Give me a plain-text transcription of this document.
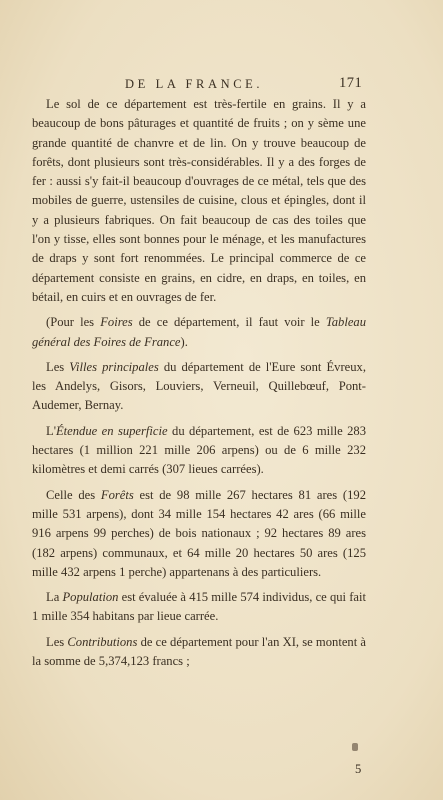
DE LA FRANCE.	171

Le sol de ce département est très-fertile en grains. Il y a beaucoup de bons pâturages et quantité de fruits ; on y sème une grande quantité de chanvre et de lin. On y trouve beaucoup de forêts, dont plusieurs sont très-considérables. Il y a des forges de fer : aussi s'y fait-il beaucoup d'ouvrages de ce métal, tels que des mobiles de guerre, ustensiles de cuisine, clous et épingles, dont il y a plusieurs fabriques. On fait beaucoup de cas des toiles que l'on y tisse, elles sont bonnes pour le ménage, et les manufactures de draps y sont fort renommées. Le principal commerce de ce département consiste en grains, en cidre, en draps, en toiles, en bétail, en cuirs et en ouvrages de fer.

(Pour les Foires de ce département, il faut voir le Tableau général des Foires de France).

Les Villes principales du département de l'Eure sont Évreux, les Andelys, Gisors, Louviers, Verneuil, Quillebœuf, Pont-Audemer, Bernay.

L'Étendue en superficie du département, est de 623 mille 283 hectares (1 million 221 mille 206 arpens) ou de 6 mille 232 kilomètres et demi carrés (307 lieues carrées).

Celle des Forêts est de 98 mille 267 hectares 81 ares (192 mille 531 arpens), dont 34 mille 154 hectares 42 ares (66 mille 916 arpens 99 perches) de bois nationaux ; 92 hectares 89 ares (182 arpens) communaux, et 64 mille 20 hectares 50 ares (125 mille 432 arpens 1 perche) appartenans à des particuliers.

La Population est évaluée à 415 mille 574 individus, ce qui fait 1 mille 354 habitans par lieue carrée.

Les Contributions de ce département pour l'an XI, se montent à la somme de 5,374,123 francs ;

5
